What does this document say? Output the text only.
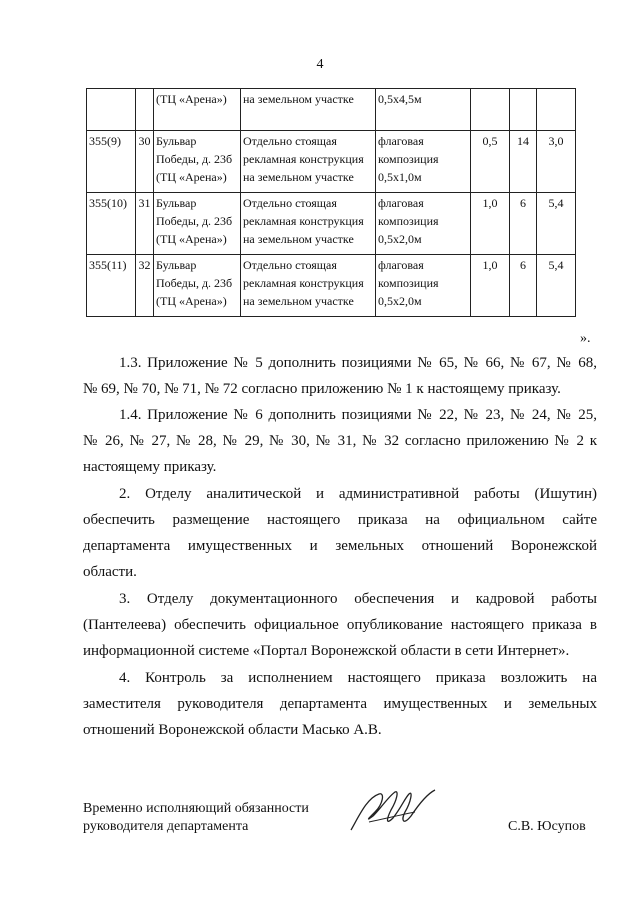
4

		(ТЦ «Арена»)	на земельном участке	0,5х4,5м			

355(9)	30	Бульвар
Победы, д. 23б
(ТЦ «Арена»)	Отдельно стоящая
рекламная конструкция
на земельном участке	флаговая
композиция
0,5х1,0м	0,5	14	3,0
355(10)	31	Бульвар
Победы, д. 23б
(ТЦ «Арена»)	Отдельно стоящая
рекламная конструкция
на земельном участке	флаговая
композиция
0,5х2,0м	1,0	6	5,4
355(11)	32	Бульвар
Победы, д. 23б
(ТЦ «Арена»)	Отдельно стоящая
рекламная конструкция
на земельном участке	флаговая
композиция
0,5х2,0м	1,0	6	5,4
».
1.3. Приложение № 5 дополнить позициями № 65, № 66, № 67, № 68,
№ 69, № 70, № 71, № 72 согласно приложению № 1 к настоящему приказу.
1.4. Приложение № 6 дополнить позициями № 22, № 23, № 24, № 25,
№ 26, № 27, № 28, № 29, № 30, № 31, № 32 согласно приложению № 2 к
настоящему приказу.
2. Отделу аналитической и административной работы (Ишутин)
обеспечить размещение настоящего приказа на официальном сайте
департамента имущественных и земельных отношений Воронежской
области.
3. Отделу документационного обеспечения и кадровой работы
(Пантелеева) обеспечить официальное опубликование настоящего приказа в
информационной системе «Портал Воронежской области в сети Интернет».
4. Контроль за исполнением настоящего приказа возложить на
заместителя руководителя департамента имущественных и земельных
отношений Воронежской области Масько А.В.
Временно исполняющий обязанности
руководителя департамента	С.В. Юсупов
